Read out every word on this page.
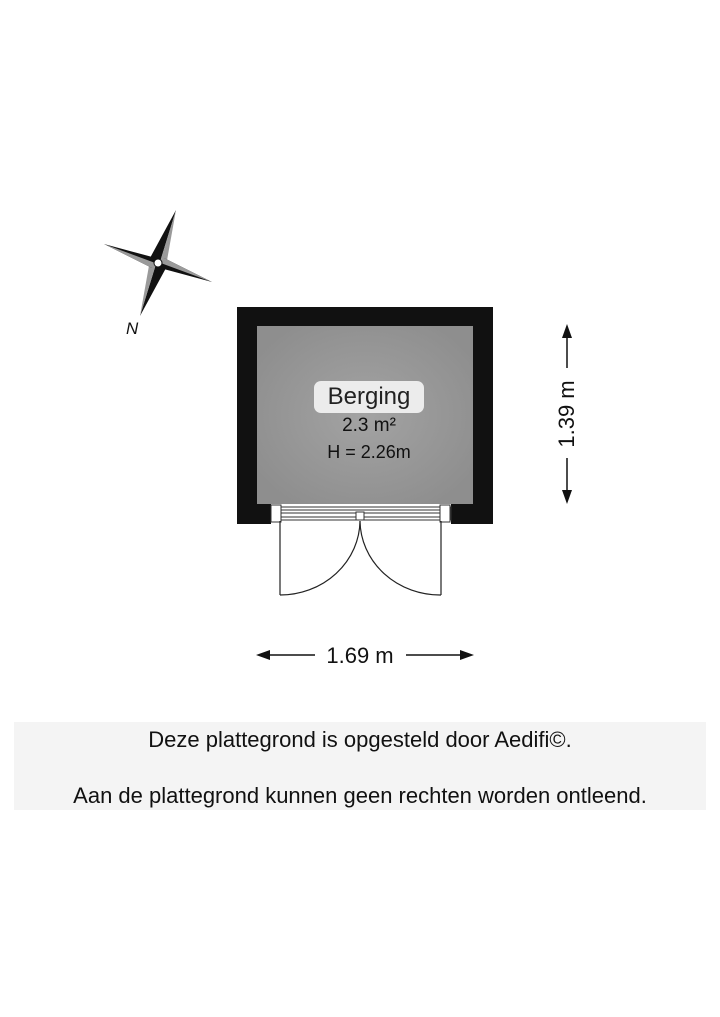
N
Berging
2.3 m²
H = 2.26m
1.69 m
1.39 m
Deze plattegrond is opgesteld door Aedifi©.
Aan de plattegrond kunnen geen rechten worden ontleend.
